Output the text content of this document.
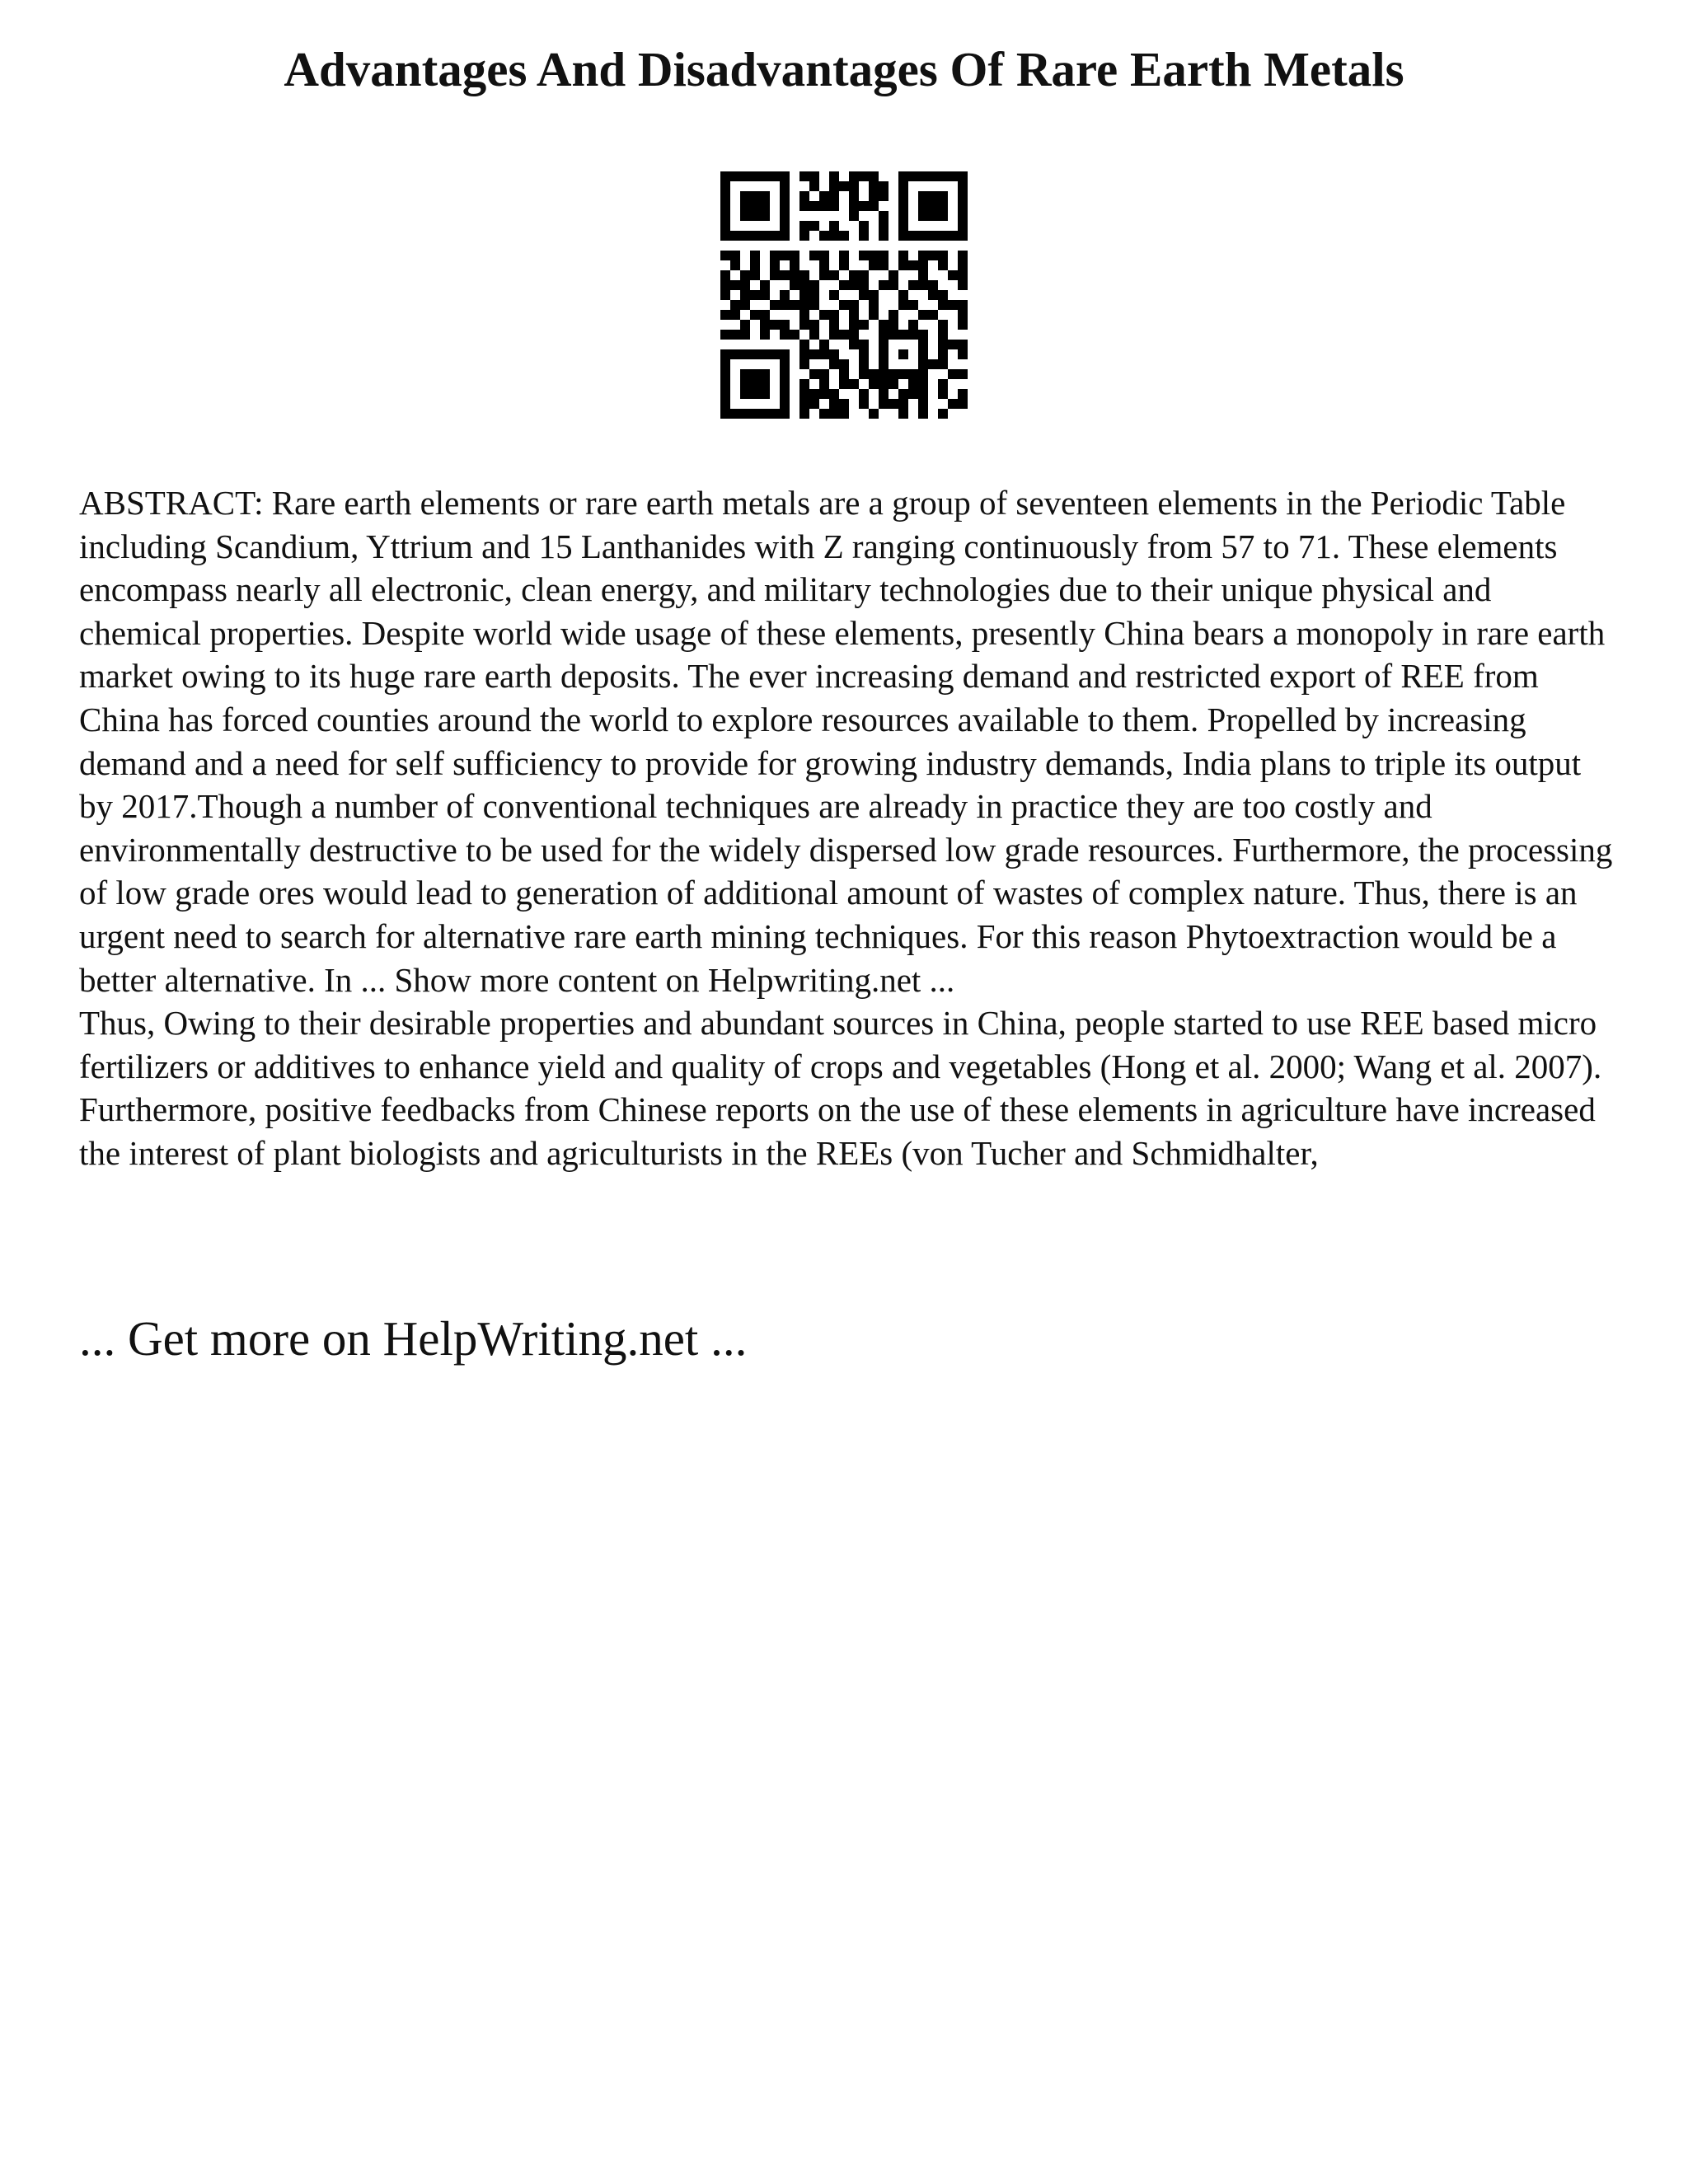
Advantages And Disadvantages Of Rare Earth Metals

ABSTRACT: Rare earth elements or rare earth metals are a group of seventeen elements in the Periodic Table including Scandium, Yttrium and 15 Lanthanides with Z ranging continuously from 57 to 71. These elements encompass nearly all electronic, clean energy, and military technologies due to their unique physical and chemical properties. Despite world wide usage of these elements, presently China bears a monopoly in rare earth market owing to its huge rare earth deposits. The ever increasing demand and restricted export of REE from China has forced counties around the world to explore resources available to them. Propelled by increasing demand and a need for self sufficiency to provide for growing industry demands, India plans to triple its output by 2017.Though a number of conventional techniques are already in practice they are too costly and environmentally destructive to be used for the widely dispersed low grade resources. Furthermore, the processing of low grade ores would lead to generation of additional amount of wastes of complex nature. Thus, there is an urgent need to search for alternative rare earth mining techniques. For this reason Phytoextraction would be a better alternative. In ... Show more content on Helpwriting.net ...

Thus, Owing to their desirable properties and abundant sources in China, people started to use REE based micro fertilizers or additives to enhance yield and quality of crops and vegetables (Hong et al. 2000; Wang et al. 2007). Furthermore, positive feedbacks from Chinese reports on the use of these elements in agriculture have increased the interest of plant biologists and agriculturists in the REEs (von Tucher and Schmidhalter,

... Get more on HelpWriting.net ...
